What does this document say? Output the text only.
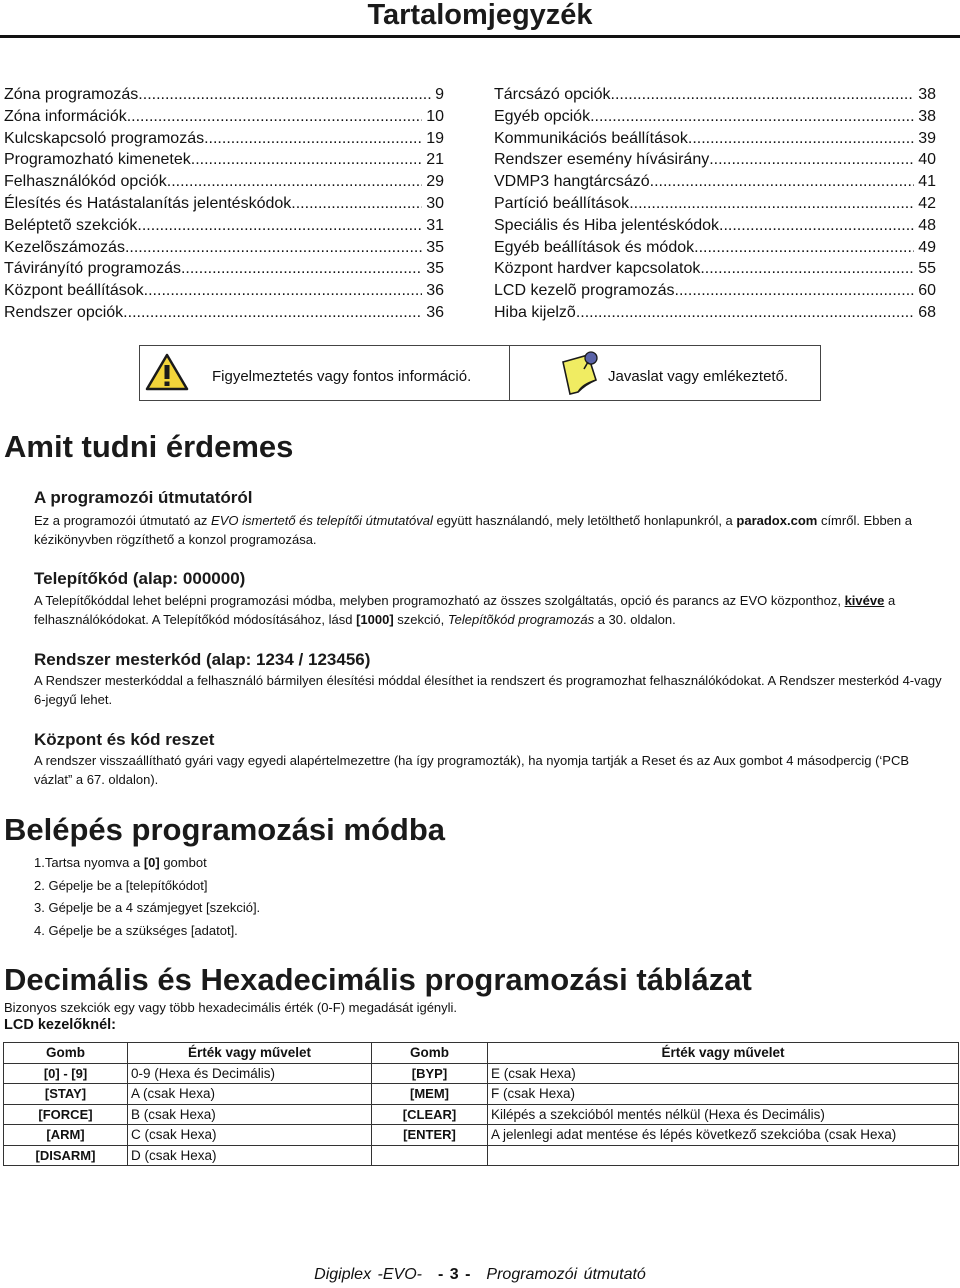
Tartalomjegyzék
Zóna programozás .....	9
Zóna információk .....	10
Kulcskapcsoló programozás .....	19
Programozható kimenetek .....	21
Felhasználókód opciók .....	29
Élesítés és Hatástalanítás jelentéskódok .....	30
Beléptetõ szekciók .....	31
Kezelõszámozás .....	35
Távirányító programozás .....	35
Központ beállítások .....	36
Rendszer opciók .....	36
Tárcsázó opciók .....	38
Egyéb opciók .....	38
Kommunikációs beállítások .....	39
Rendszer esemény hívásirány .....	40
VDMP3 hangtárcsázó .....	41
Partíció beállítások .....	42
Speciális és Hiba jelentéskódok .....	48
Egyéb beállítások és módok .....	49
Központ hardver kapcsolatok .....	55
LCD kezelõ programozás .....	60
Hiba kijelzõ .....	68
Figyelmeztetés vagy fontos információ.	Javaslat vagy emlékeztető.
Amit tudni érdemes
A programozói útmutatóról
Ez a programozói útmutató az EVO ismertető és telepítői útmutatóval együtt használandó, mely letölthető honlapunkról, a paradox.com címről. Ebben a kézikönyvben rögzíthető a konzol programozása.
Telepítőkód (alap: 000000)
A Telepítőkóddal lehet belépni programozási módba, melyben programozható az összes szolgáltatás, opció és parancs az EVO központhoz, kivéve a felhasználókódokat. A Telepítőkód módosításához, lásd [1000] szekció, Telepítõkód programozás a 30. oldalon.
Rendszer mesterkód (alap: 1234 / 123456)
A Rendszer mesterkóddal a felhasználó bármilyen élesítési móddal élesíthet ia rendszert és programozhat felhasználókódokat. A Rendszer mesterkód 4-vagy 6-jegyű lehet.
Központ és kód reszet
A rendszer visszaállítható gyári vagy egyedi alapértelmezettre (ha így programozták), ha nyomja tartják a Reset és az Aux gombot 4 másodpercig (‘PCB vázlat” a 67. oldalon).
Belépés programozási módba
1.Tartsa nyomva a [0] gombot
2. Gépelje be a [telepítőkódot]
3. Gépelje be a 4 számjegyet [szekció].
4. Gépelje be a szükséges [adatot].
Decimális és Hexadecimális programozási táblázat
Bizonyos szekciók egy vagy több hexadecimális érték (0-F) megadását igényli.
LCD kezelőknél:
Gomb	Érték vagy művelet	Gomb	Érték vagy művelet
[0] - [9]	0-9 (Hexa és Decimális)	[BYP]	E (csak Hexa)
[STAY]	A (csak Hexa)	[MEM]	F (csak Hexa)
[FORCE]	B (csak Hexa)	[CLEAR]	Kilépés a szekcióból mentés nélkül (Hexa és Decimális)
[ARM]	C (csak Hexa)	[ENTER]	A jelenlegi adat mentése és lépés következő szekcióba (csak Hexa)
[DISARM]	D (csak Hexa)		
Digiplex -EVO- - 3 - Programozói útmutató
